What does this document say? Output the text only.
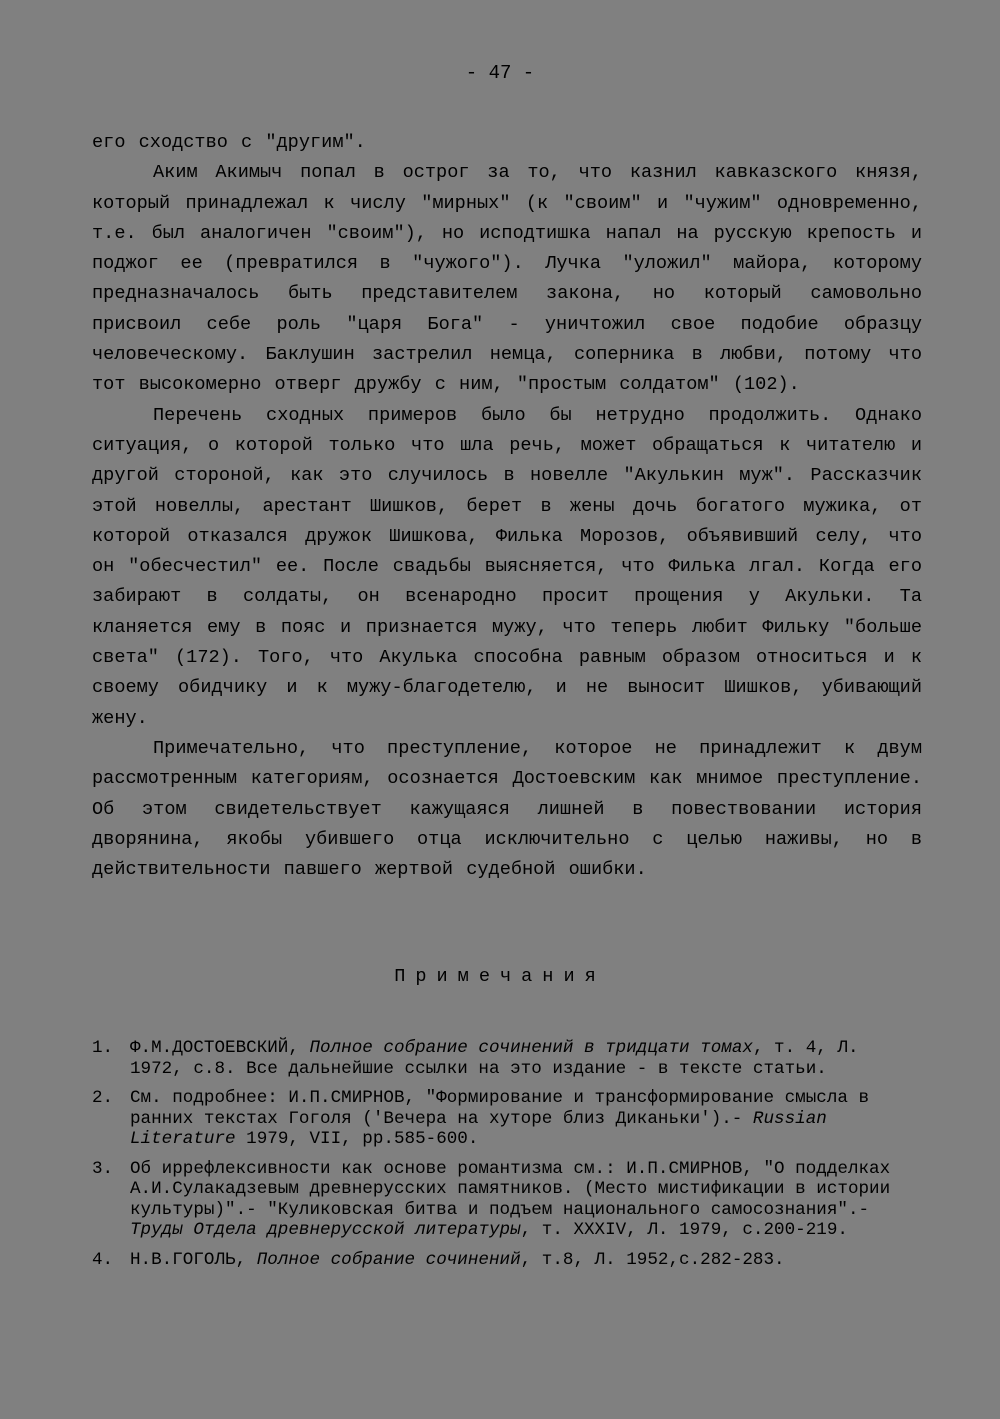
- 47 -

его сходство с "другим".

Аким Акимыч попал в острог за то, что казнил кавказского князя, который принадлежал к числу "мирных" (к "своим" и "чужим" одновременно, т.е. был аналогичен "своим"), но исподтишка напал на русскую крепость и поджог ее (превратился в "чужого"). Лучка "уложил" майора, которому предназначалось быть представителем закона, но который самовольно присвоил себе роль "царя Бога" - уничтожил свое подобие образцу человеческому. Баклушин застрелил немца, соперника в любви, потому что тот высокомерно отверг дружбу с ним, "простым солдатом" (102).

Перечень сходных примеров было бы нетрудно продолжить. Однако ситуация, о которой только что шла речь, может обращаться к читателю и другой стороной, как это случилось в новелле "Акулькин муж". Рассказчик этой новеллы, арестант Шишков, берет в жены дочь богатого мужика, от которой отказался дружок Шишкова, Филька Морозов, объявивший селу, что он "обесчестил" ее. После свадьбы выясняется, что Филька лгал. Когда его забирают в солдаты, он всенародно просит прощения у Акульки. Та кланяется ему в пояс и признается мужу, что теперь любит Фильку "больше света" (172). Того, что Акулька способна равным образом относиться и к своему обидчику и к мужу-благодетелю, и не выносит Шишков, убивающий жену.

Примечательно, что преступление, которое не принадлежит к двум рассмотренным категориям, осознается Достоевским как мнимое преступление. Об этом свидетельствует кажущаяся лишней в повествовании история дворянина, якобы убившего отца исключительно с целью наживы, но в действительности павшего жертвой судебной ошибки.

Примечания
1. Ф.М.ДОСТОЕВСКИЙ, Полное собрание сочинений в тридцати томах, т. 4, Л. 1972, с.8. Все дальнейшие ссылки на это издание - в тексте статьи.
2. См. подробнее: И.П.СМИРНОВ, "Формирование и трансформирование смысла в ранних текстах Гоголя ('Вечера на хуторе близ Диканьки').- Russian Literature 1979, VII, pp.585-600.
3. Об иррефлексивности как основе романтизма см.: И.П.СМИРНОВ, "О подделках А.И.Сулакадзевым древнерусских памятников. (Место мистификации в истории культуры)".- "Куликовская битва и подъем национального самосознания".-Труды Отдела древнерусской литературы, т. XXXIV, Л. 1979, с.200-219.
4. Н.В.ГОГОЛЬ, Полное собрание сочинений, т.8, Л. 1952,с.282-283.
